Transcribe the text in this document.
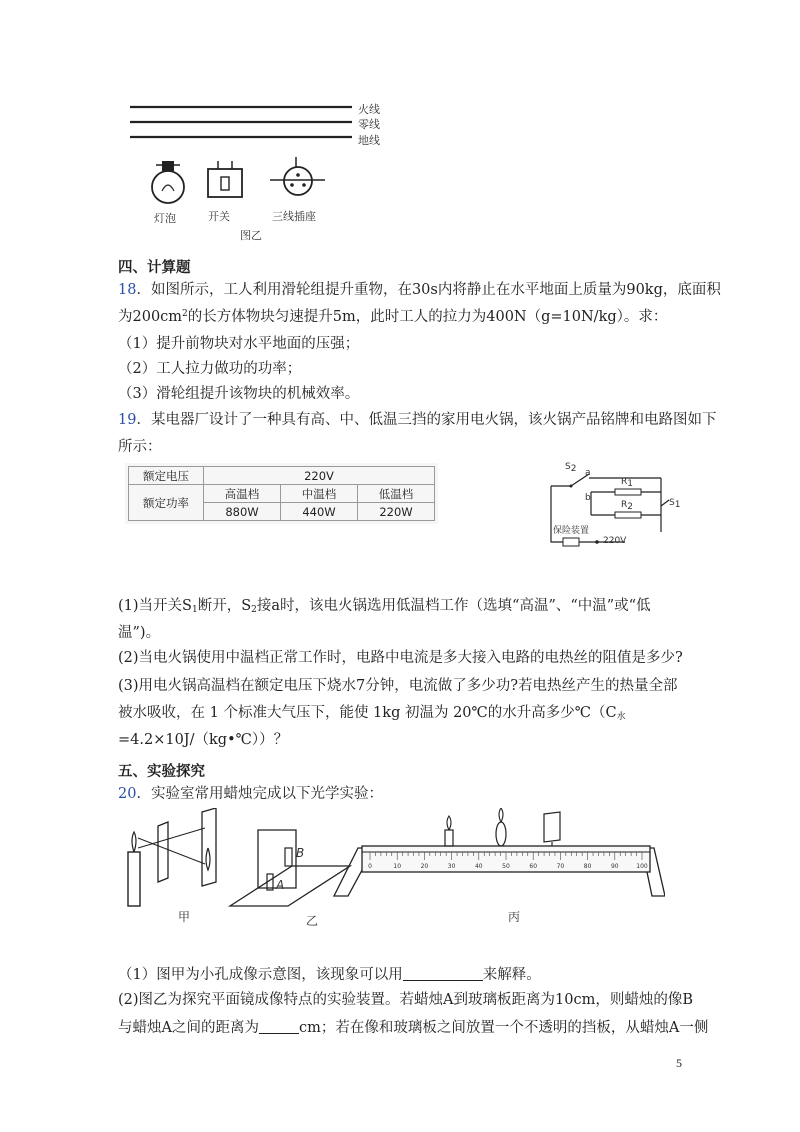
火线
零线
地线
灯泡	开关	三线插座
图乙
四、计算题
18．如图所示，工人利用滑轮组提升重物，在30s内将静止在水平地面上质量为90kg，底面积
为$200cm^2$的长方体物块匀速提升5m，此时工人的拉力为400N（g=10N/kg）。求：
（1）提升前物块对水平地面的压强；
（2）工人拉力做功的功率；
（3）滑轮组提升该物块的机械效率。
19．某电器厂设计了一种具有高、中、低温三挡的家用电火锅，该火锅产品铭牌和电路图如下
所示：
额定电压	220V		
额定功率	高温档	中温档	低温档
	880W	440W	220W
S2 a
b
R1
R2	S1
保险装置
220V
(1)当开关$S_1$断开，$S_2$接a时，该电火锅选用低温档工作（选填“高温”、“中温”或“低
温”)。
(2)当电火锅使用中温档正常工作时，电路中电流是多大接入电路的电热丝的阻值是多少?
(3)用电火锅高温档在额定电压下烧水7分钟，电流做了多少功?若电热丝产生的热量全部
被水吸收，在 1 个标准大气压下，能使 1kg 初温为 20℃的水升高多少$℃(C_水$
=4.2×10J/（kg•℃））？
五、实验探究
20．实验室常用蜡烛完成以下光学实验：
0	10	20	30	40	50	60	70	80	90	100
甲	乙	丙
B
A
（1）图甲为小孔成像示意图，该现象可以用	来解释。
(2)图乙为探究平面镜成像特点的实验装置。若蜡烛A到玻璃板距离为10cm，则蜡烛的像B
与蜡烛A之间的距离为	cm；若在像和玻璃板之间放置一个不透明的挡板，从蜡烛A一侧
5
